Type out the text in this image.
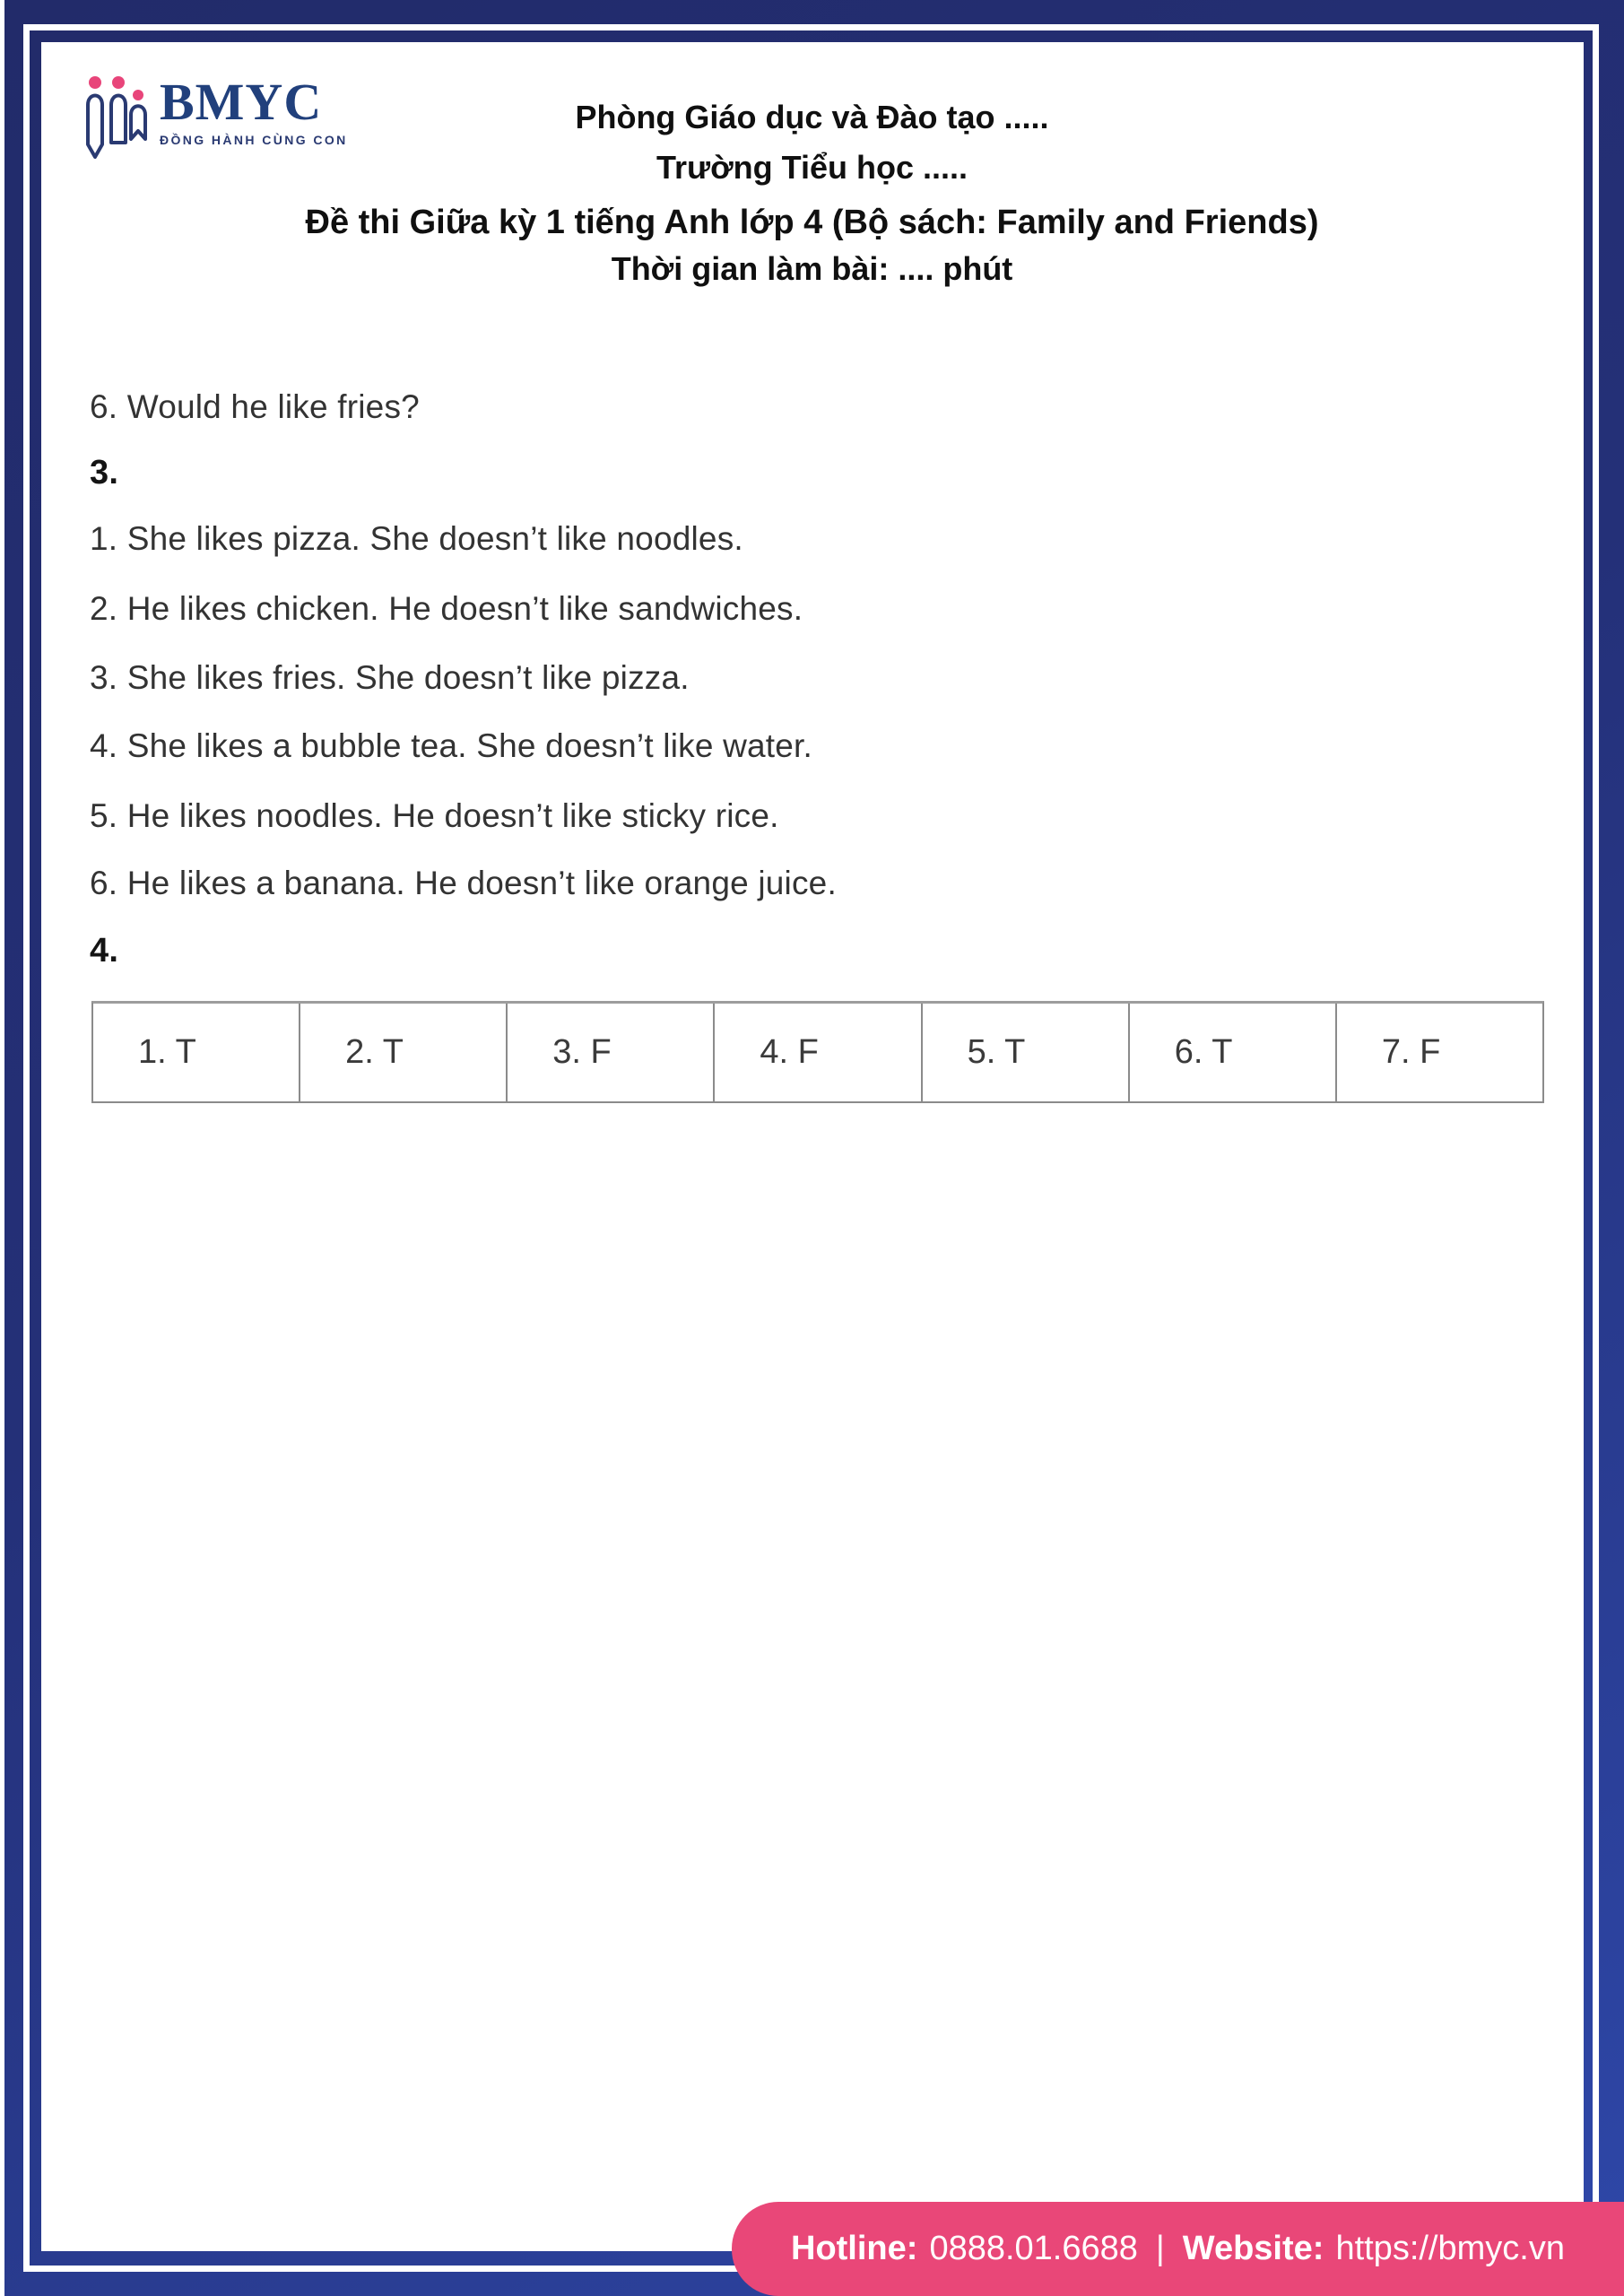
BMYC
ĐỒNG HÀNH CÙNG CON
Phòng Giáo dục và Đào tạo .....
Trường Tiểu học .....
Đề thi Giữa kỳ 1 tiếng Anh lớp 4 (Bộ sách: Family and Friends)
Thời gian làm bài: .... phút
6. Would he like fries?
3.
1. She likes pizza. She doesn’t like noodles.
2. He likes chicken. He doesn’t like sandwiches.
3. She likes fries. She doesn’t like pizza.
4. She likes a bubble tea. She doesn’t like water.
5. He likes noodles. He doesn’t like sticky rice.
6. He likes a banana. He doesn’t like orange juice.
4.
1. T	2. T	3. F	4. F	5. T	6. T	7. F
Hotline: 0888.01.6688 | Website: https://bmyc.vn
